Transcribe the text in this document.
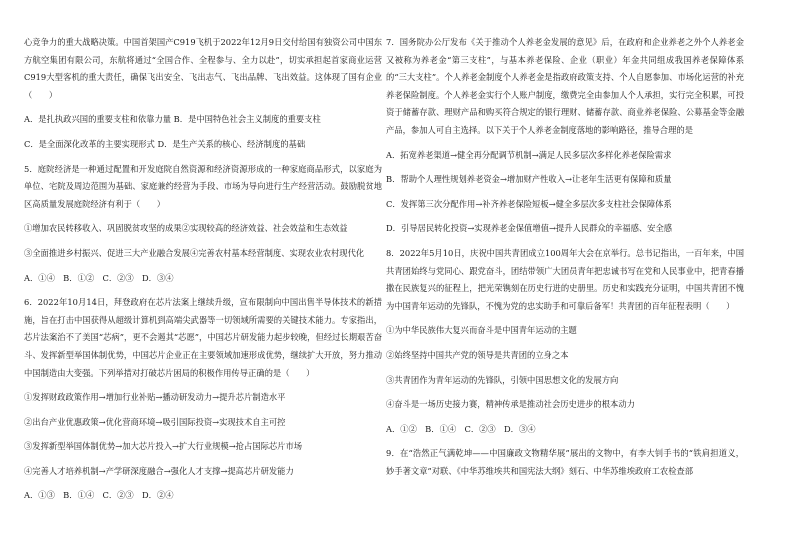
心竞争力的重大战略决策。中国首架国产C919飞机于2022年12月9日交付给国有独资公司中国东方航空集团有限公司，东航将通过“全国合作、全程参与、全力以赴”，切实承担起首家商业运营C919大型客机的重大责任，确保飞出安全、飞出志气、飞出品牌、飞出效益。这体现了国有企业（　　）

A．是扎执政兴国的重要支柱和依靠力量 B．是中国特色社会主义制度的重要支柱

C．是全面深化改革的主要实现形式 D．是生产关系的核心、经济制度的基础

5．庭院经济是一种通过配置和开发庭院自然资源和经济资源形成的一种家庭商品形式，以家庭为单位、宅院及周边范围为基础、家庭兼约经营为手段、市场为导向进行生产经营活动。鼓励脱贫地区高质量发展庭院经济有利于（　　）

①增加农民转移收入、巩固脱贫攻坚的成果②实现较高的经济效益、社会效益和生态效益

③全面推进乡村振兴、促进三大产业融合发展④完善农村基本经营制度、实现农业农村现代化

A．①④　B．①②　C．②③　D．③④

6．2022年10月14日，拜登政府在芯片法案上继续升级，宣布限制向中国出售半导体技术的新措施，旨在打击中国获得从超级计算机到高端尖武器等一切领域所需要的关键技术能力。专家指出，芯片法案治不了美国“芯病”，更不会遏其“芯愿”，中国芯片研发能力起步较晚，但经过长期艰苦奋斗、发挥新型举国体制优势，中国芯片企业正在主要领域加速形成优势，继续扩大开放，努力推动中国制造由大变强。下列举措对打破芯片困局的积极作用传导正确的是（　　）

①发挥财政政策作用→增加行业补贴→播动研发动力→提升芯片制造水平

②出台产业优惠政策→优化营商环境→吸引国际投资→实现技术自主可控

③发挥新型举国体制优势→加大芯片投入→扩大行业规模→抢占国际芯片市场

④完善人才培养机制→产学研深度融合→强化人才支撑→提高芯片研发能力

A．①③　B．①④　C．②③　D．②④

7．国务院办公厅发布《关于推动个人养老金发展的意见》后，在政府和企业养老之外个人养老金又被称为养老金“第三支柱”，与基本养老保险、企业（职业）年金共同组成我国养老保障体系的“三大支柱”。个人养老金制度个人养老金是指政府政策支持、个人自愿参加、市场化运营的补充养老保险制度。个人养老金实行个人账户制度，缴费完全由参加人个人承担，实行完全积累，可投资于储蓄存款、理财产品和购买符合规定的银行理财、储蓄存款、商业养老保险、公募基金等金融产品，参加人可自主选择。以下关于个人养老金制度落地的影响路径，推导合理的是

A．拓宽养老渠道→健全再分配调节机制→满足人民多层次多样化养老保险需求

B．帮助个人理性规划养老资金→增加财产性收入→让老年生活更有保障和质量

C．发挥第三次分配作用→补齐养老保险短板→健全多层次多支柱社会保障体系

D．引导居民转化投资→实现养老金保值增值→提升人民群众的幸福感、安全感

8．2022年5月10日，庆祝中国共青团成立100周年大会在京举行。总书记指出，一百年来，中国共青团始终与党同心、跟党奋斗，团结带领广大团员青年把忠诚书写在党和人民事业中，把青春播撒在民族复兴的征程上，把光荣镌刻在历史行进的史册里。历史和实践充分证明，中国共青团不愧为中国青年运动的先锋队，不愧为党的忠实助手和可靠后备军！共青团的百年征程表明（　　）

①为中华民族伟大复兴而奋斗是中国青年运动的主题

②始终坚持中国共产党的领导是共青团的立身之本

③共青团作为青年运动的先锋队，引领中国思想文化的发展方向

④奋斗是一场历史接力赛，精神传承是推动社会历史进步的根本动力

A．①②　B．①④　C．②③　D．③④

9．在“浩然正气满乾坤——中国廉政文物精华展”展出的文物中，有李大钊手书的“铁肩担道义，妙手著文章”对联、《中华苏维埃共和国宪法大纲》刻石、中华苏维埃政府工农检查部
